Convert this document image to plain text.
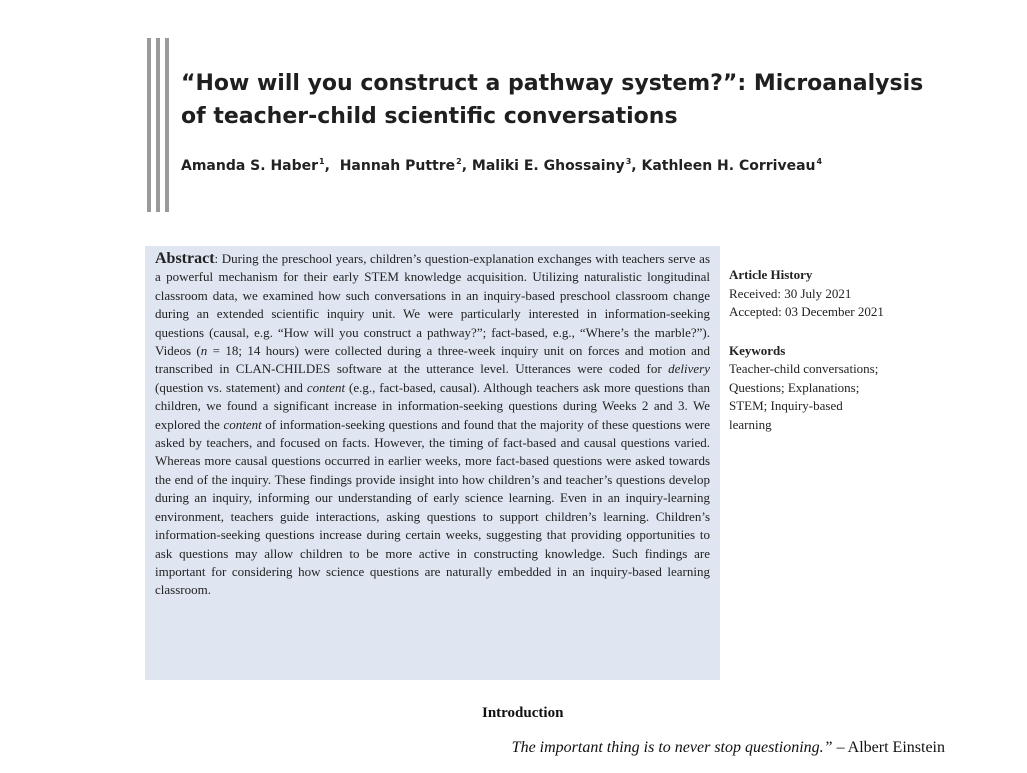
“How will you construct a pathway system?”: Microanalysis of teacher-child scientific conversations
Amanda S. Haber$^1$,  Hannah Puttre$^2$, Maliki E. Ghossainy$^3$, Kathleen H. Corriveau$^4$

Abstract: During the preschool years, children’s question-explanation exchanges with teachers serve as a powerful mechanism for their early STEM knowledge acquisition. Utilizing naturalistic longitudinal classroom data, we examined how such conversations in an inquiry-based preschool classroom change during an extended scientific inquiry unit. We were particularly interested in information-seeking questions (causal, e.g. “How will you construct a pathway?”; fact-based, e.g., “Where’s the marble?”). Videos (n = 18; 14 hours) were collected during a three-week inquiry unit on forces and motion and transcribed in CLAN-CHILDES software at the utterance level. Utterances were coded for delivery (question vs. statement) and content (e.g., fact-based, causal). Although teachers ask more questions than children, we found a significant increase in information-seeking questions during Weeks 2 and 3. We explored the content of information-seeking questions and found that the majority of these questions were asked by teachers, and focused on facts. However, the timing of fact-based and causal questions varied. Whereas more causal questions occurred in earlier weeks, more fact-based questions were asked towards the end of the inquiry. These findings provide insight into how children’s and teacher’s questions develop during an inquiry, informing our understanding of early science learning. Even in an inquiry-learning environment, teachers guide interactions, asking questions to support children’s learning. Children’s information-seeking questions increase during certain weeks, suggesting that providing opportunities to ask questions may allow children to be more active in constructing knowledge. Such findings are important for considering how science questions are naturally embedded in an inquiry-based learning classroom.

Article History
Received: 30 July 2021
Accepted: 03 December 2021
Keywords
Teacher-child conversations;
Questions; Explanations;
STEM; Inquiry-based
learning
Introduction

The important thing is to never stop questioning.” – Albert Einstein
